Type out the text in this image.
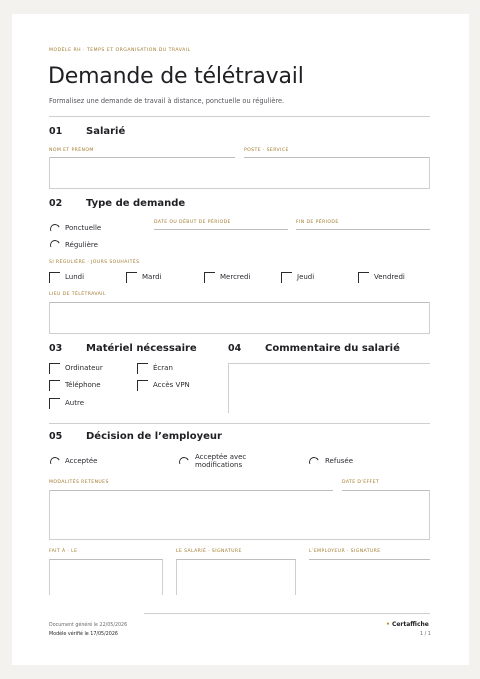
MODÈLE RH · TEMPS ET ORGANISATION DU TRAVAIL
Demande de télétravail
Formalisez une demande de travail à distance, ponctuelle ou régulière.
01 Salarié
NOM ET PRÉNOM	POSTE · SERVICE
02 Type de demande
Ponctuelle
Régulière
DATE OU DÉBUT DE PÉRIODE	FIN DE PÉRIODE
SI RÉGULIÈRE · JOURS SOUHAITÉS
Lundi	Mardi	Mercredi	Jeudi	Vendredi
LIEU DE TÉLÉTRAVAIL
03 Matériel nécessaire
Ordinateur	Écran
Téléphone	Accès VPN
Autre
04 Commentaire du salarié
05 Décision de l’employeur
Acceptée	Acceptée avec modifications	Refusée
MODALITÉS RETENUES	DATE D’EFFET
FAIT À · LE	LE SALARIÉ · SIGNATURE	L’EMPLOYEUR · SIGNATURE
Document généré le 22/05/2026
Modèle vérifié le 17/05/2026
• Certaffiche
1 / 1
